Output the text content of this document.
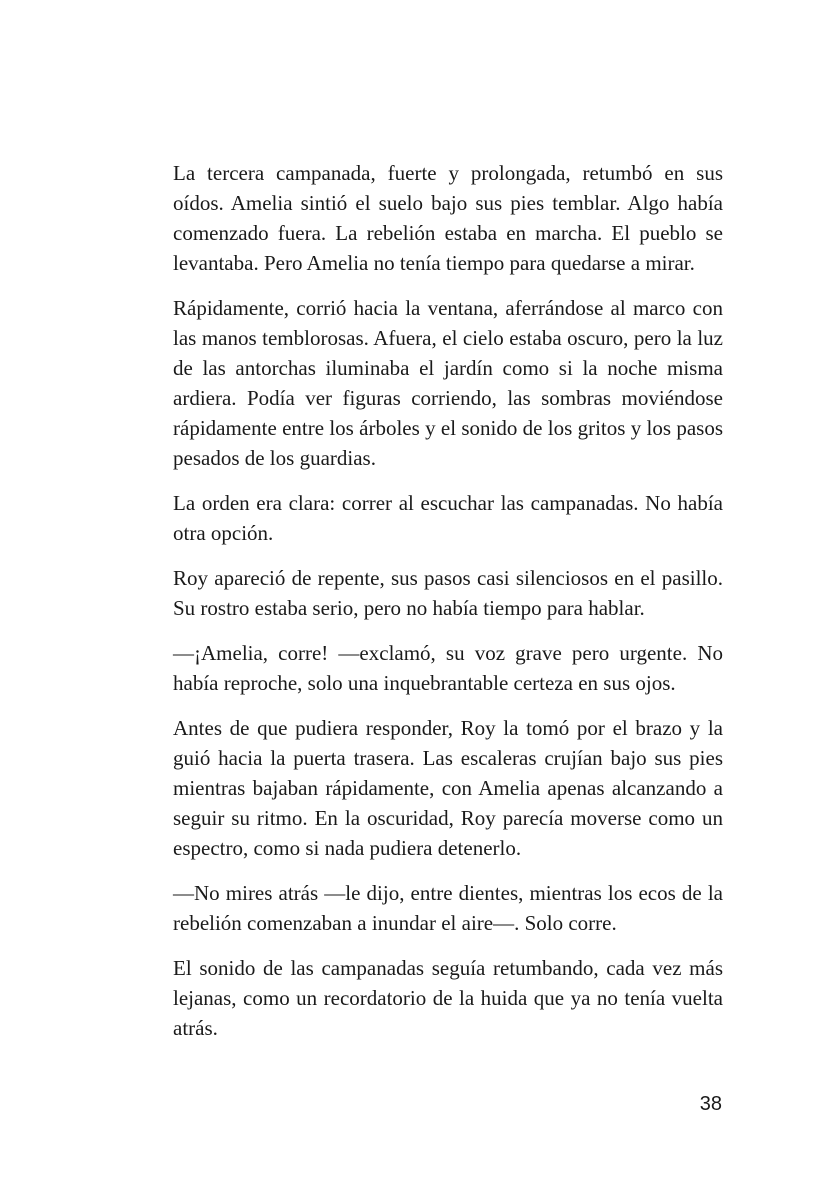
La tercera campanada, fuerte y prolongada, retumbó en sus oídos. Amelia sintió el suelo bajo sus pies temblar. Algo había comenzado fuera. La rebelión estaba en marcha. El pueblo se levantaba. Pero Amelia no tenía tiempo para quedarse a mirar.

Rápidamente, corrió hacia la ventana, aferrándose al marco con las manos temblorosas. Afuera, el cielo estaba oscuro, pero la luz de las antorchas iluminaba el jardín como si la noche misma ardiera. Podía ver figuras corriendo, las sombras moviéndose rápidamente entre los árboles y el sonido de los gritos y los pasos pesados de los guardias.

La orden era clara: correr al escuchar las campanadas. No había otra opción.

Roy apareció de repente, sus pasos casi silenciosos en el pasillo. Su rostro estaba serio, pero no había tiempo para hablar.

—¡Amelia, corre! —exclamó, su voz grave pero urgente. No había reproche, solo una inquebrantable certeza en sus ojos.

Antes de que pudiera responder, Roy la tomó por el brazo y la guió hacia la puerta trasera. Las escaleras crujían bajo sus pies mientras bajaban rápidamente, con Amelia apenas alcanzando a seguir su ritmo. En la oscuridad, Roy parecía moverse como un espectro, como si nada pudiera detenerlo.

—No mires atrás —le dijo, entre dientes, mientras los ecos de la rebelión comenzaban a inundar el aire—. Solo corre.

El sonido de las campanadas seguía retumbando, cada vez más lejanas, como un recordatorio de la huida que ya no tenía vuelta atrás.

38
